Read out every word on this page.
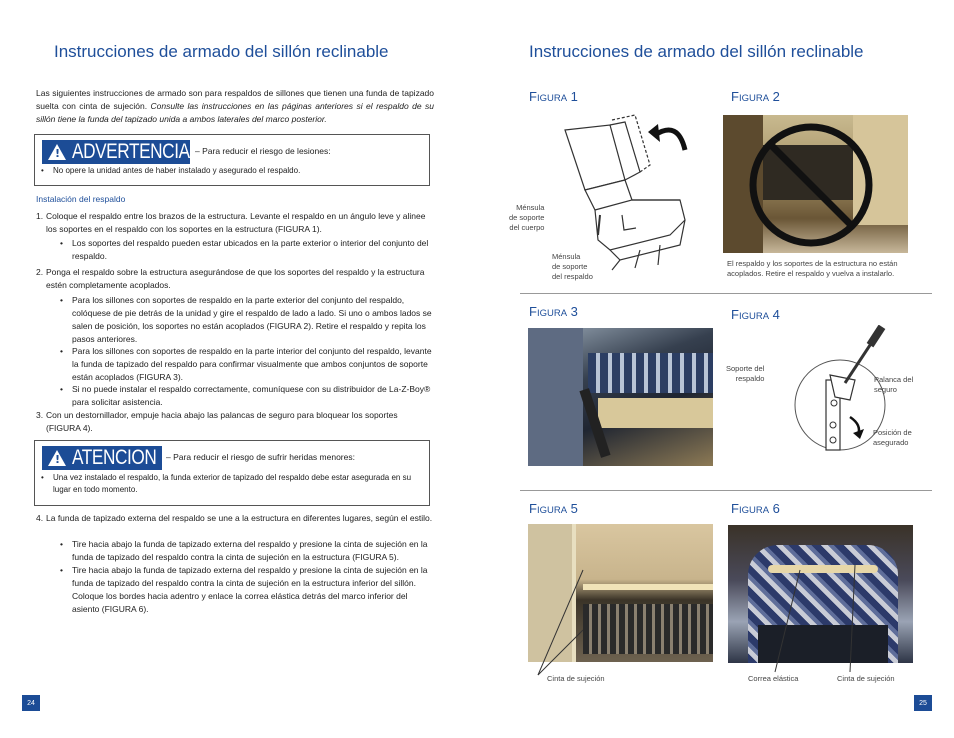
Instrucciones de armado del sillón reclinable

Las siguientes instrucciones de armado son para respaldos de sillones que tienen una funda de tapizado suelta con cinta de sujeción. Consulte las instrucciones en las páginas anteriores si el respaldo de su sillón tiene la funda del tapizado unida a ambos laterales del marco posterior.

! ADVERTENCIA – Para reducir el riesgo de lesiones:
• No opere la unidad antes de haber instalado y asegurado el respaldo.
Instalación del respaldo
1. Coloque el respaldo entre los brazos de la estructura. Levante el respaldo en un ángulo leve y alinee los soportes en el respaldo con los soportes en la estructura (FIGURA 1).
• Los soportes del respaldo pueden estar ubicados en la parte exterior o interior del conjunto del respaldo.
2. Ponga el respaldo sobre la estructura asegurándose de que los soportes del respaldo y la estructura estén completamente acoplados.
• Para los sillones con soportes de respaldo en la parte exterior del conjunto del respaldo, colóquese de pie detrás de la unidad y gire el respaldo de lado a lado. Si uno o ambos lados se salen de posición, los soportes no están acoplados (FIGURA 2). Retire el respaldo y repita los pasos anteriores.
• Para los sillones con soportes de respaldo en la parte interior del conjunto del respaldo, levante la funda de tapizado del respaldo para confirmar visualmente que ambos conjuntos de soporte están acoplados (FIGURA 3).
• Si no puede instalar el respaldo correctamente, comuníquese con su distribuidor de La-Z-Boy® para solicitar asistencia.
3. Con un destornillador, empuje hacia abajo las palancas de seguro para bloquear los soportes (FIGURA 4).
! ATENCION – Para reducir el riesgo de sufrir heridas menores:
• Una vez instalado el respaldo, la funda exterior de tapizado del respaldo debe estar asegurada en su lugar en todo momento.
4. La funda de tapizado externa del respaldo se une a la estructura en diferentes lugares, según el estilo.
• Tire hacia abajo la funda de tapizado externa del respaldo y presione la cinta de sujeción en la funda de tapizado del respaldo contra la cinta de sujeción en la estructura (FIGURA 5).
• Tire hacia abajo la funda de tapizado externa del respaldo y presione la cinta de sujeción en la funda de tapizado del respaldo contra la cinta de sujeción en la estructura inferior del sillón. Coloque los bordes hacia adentro y enlace la correa elástica detrás del marco inferior del asiento (FIGURA 6).
24
Instrucciones de armado del sillón reclinable
FIGURA 1
Ménsula
de soporte
del cuerpo
Ménsula
de soporte
del respaldo
FIGURA 2
El respaldo y los soportes de la estructura no están acoplados. Retire el respaldo y vuelva a instalarlo.
FIGURA 3	FIGURA 4
Soporte del
respaldo	Palanca del
seguro
Posición de
asegurado
FIGURA 5
Cinta de sujeción
FIGURA 6
Correa elástica	Cinta de sujeción
25
